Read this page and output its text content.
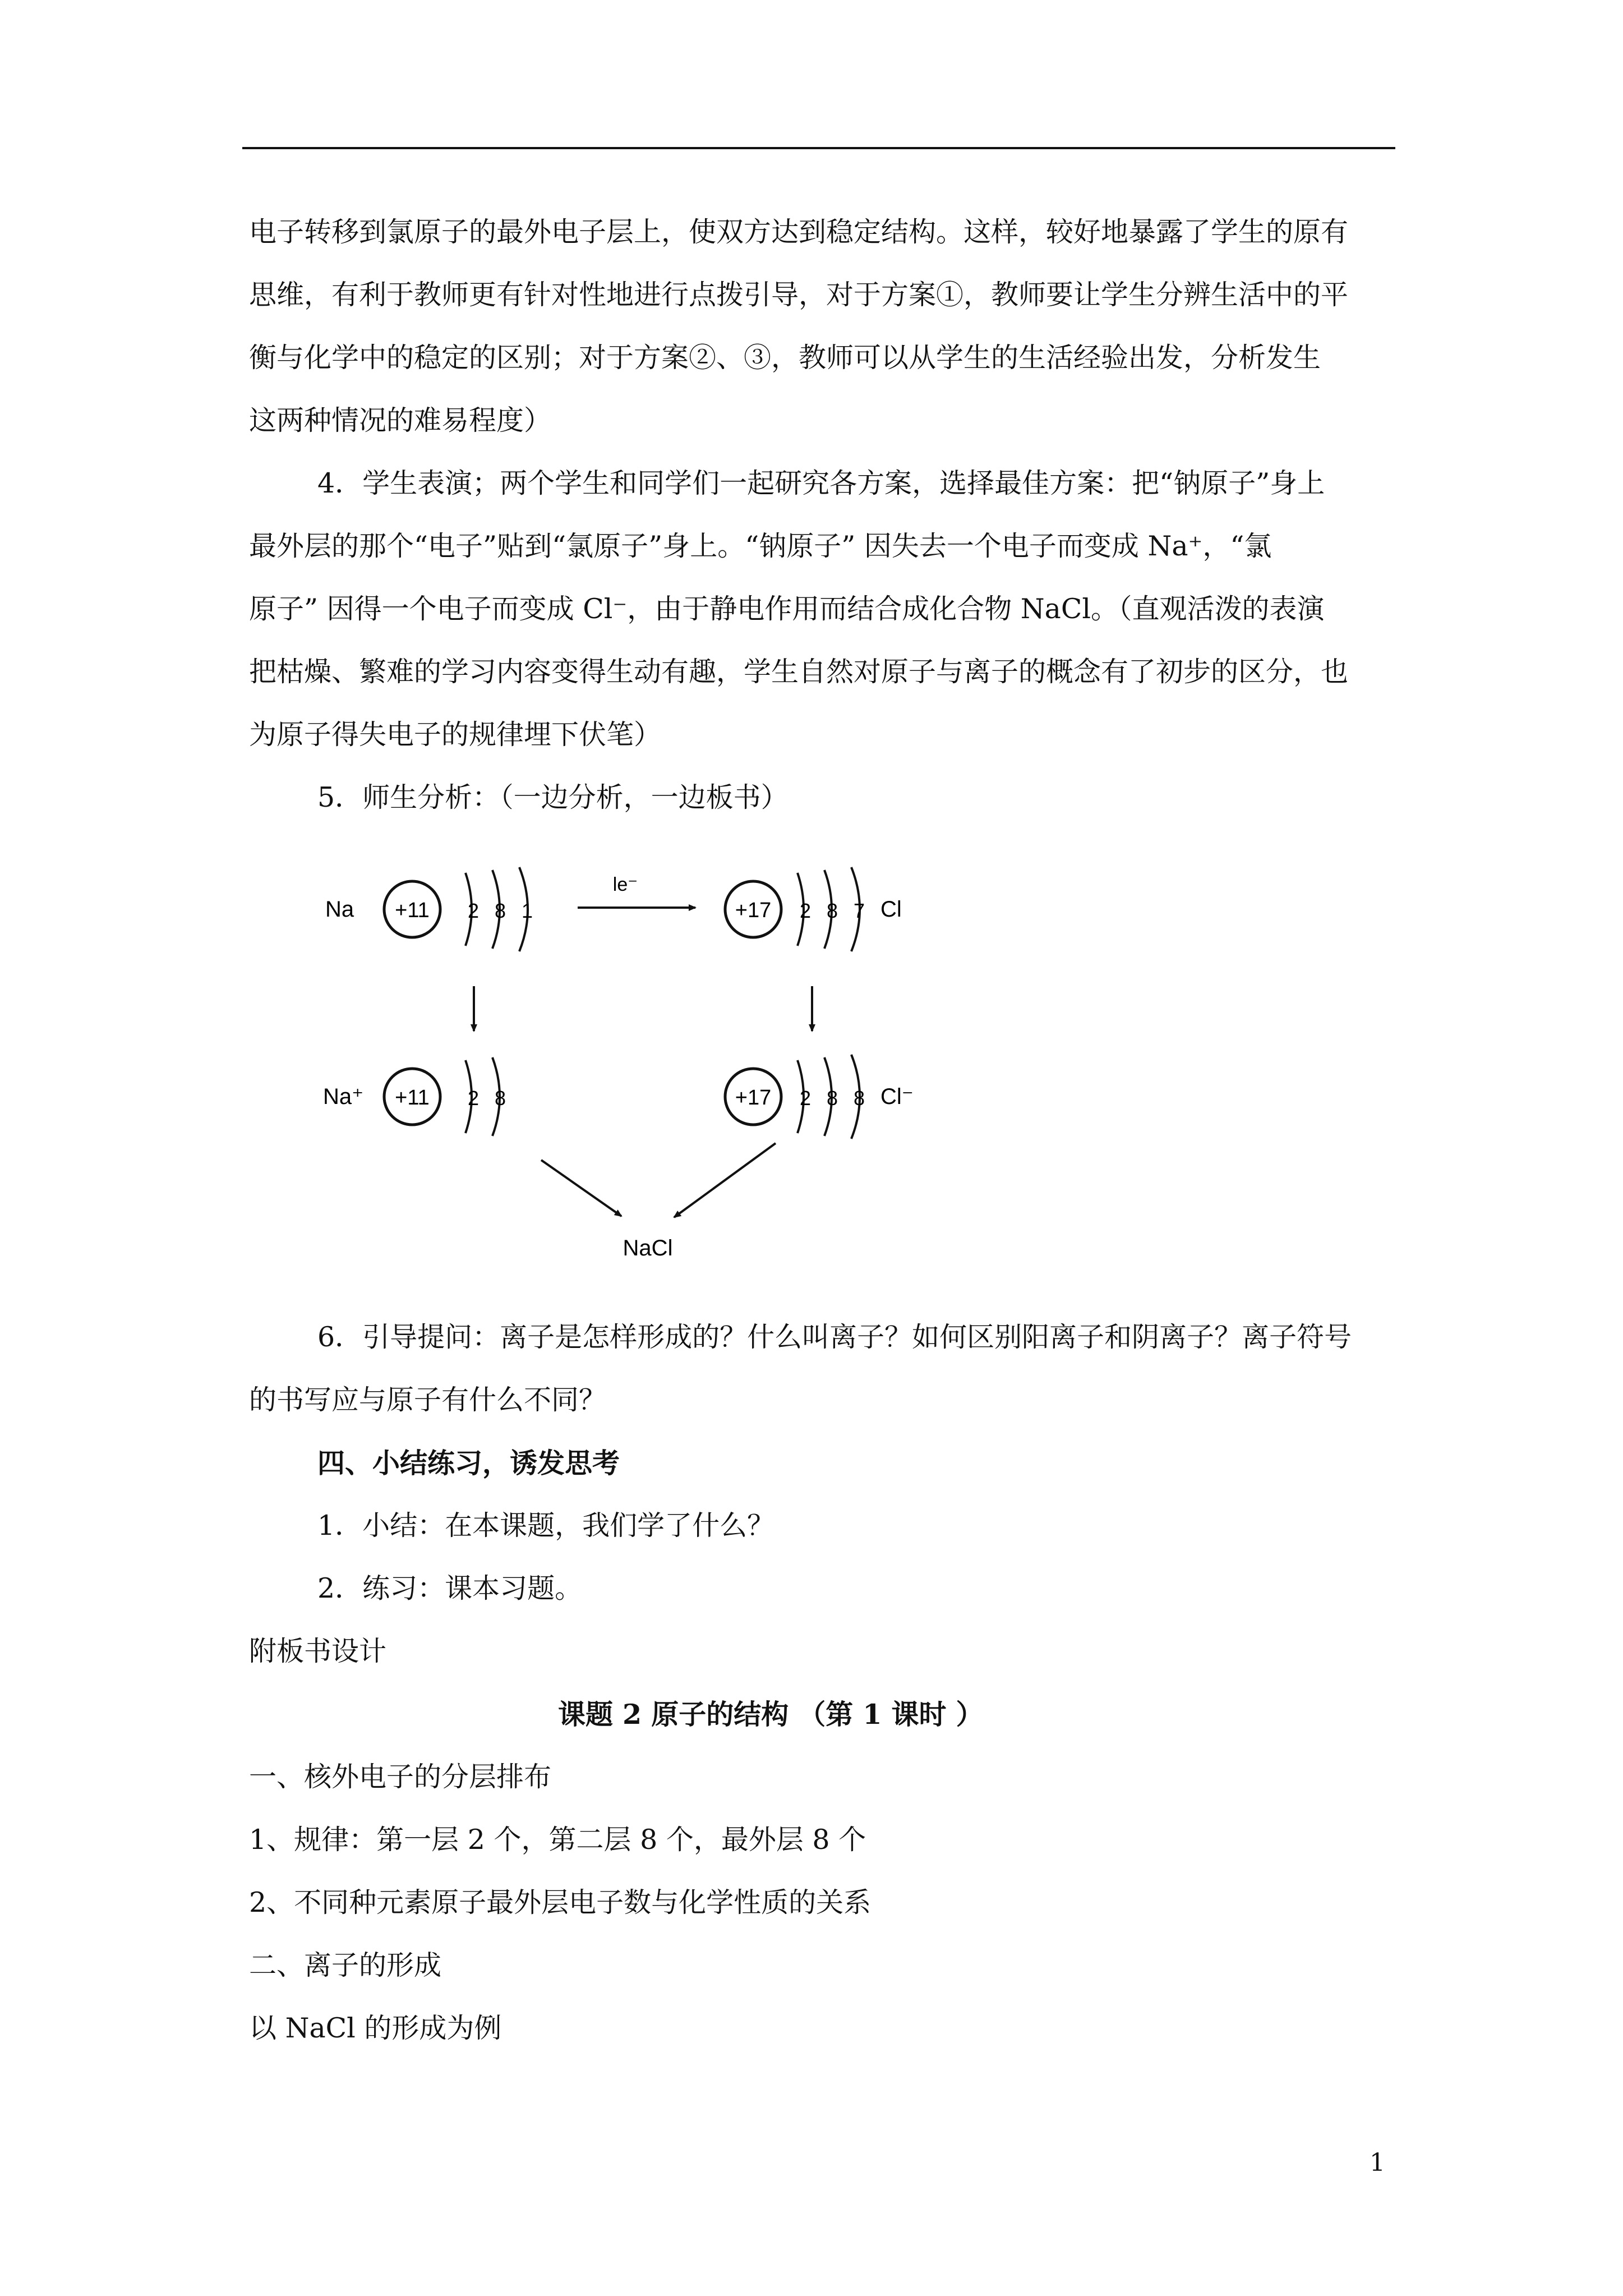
电子转移到氯原子的最外电子层上，使双方达到稳定结构。这样，较好地暴露了学生的原有
思维，有利于教师更有针对性地进行点拨引导，对于方案①，教师要让学生分辨生活中的平
衡与化学中的稳定的区别；对于方案②、③，教师可以从学生的生活经验出发，分析发生
这两种情况的难易程度）
4．学生表演；两个学生和同学们一起研究各方案，选择最佳方案：把“钠原子”身上
最外层的那个“电子”贴到“氯原子”身上。“钠原子” 因失去一个电子而变成 Na⁺，“氯
原子” 因得一个电子而变成 Cl⁻，由于静电作用而结合成化合物 NaCl。（直观活泼的表演
把枯燥、繁难的学习内容变得生动有趣，学生自然对原子与离子的概念有了初步的区分，也
为原子得失电子的规律埋下伏笔）
5．师生分析：（一边分析，一边板书）
Na +11 2 8 1
le⁻
+17 2 8 7 Cl
Na⁺ +11 2 8	+17 2 8 8 Cl⁻
NaCl
6．引导提问：离子是怎样形成的？什么叫离子？如何区别阳离子和阴离子？离子符号
的书写应与原子有什么不同？
四、小结练习，诱发思考
1．小结：在本课题，我们学了什么？
2．练习：课本习题。
附板书设计
课题 2 原子的结构 （第 1 课时 ）
一、核外电子的分层排布
1、规律：第一层 2 个，第二层 8 个，最外层 8 个
2、不同种元素原子最外层电子数与化学性质的关系
二、离子的形成
以 NaCl 的形成为例
1
